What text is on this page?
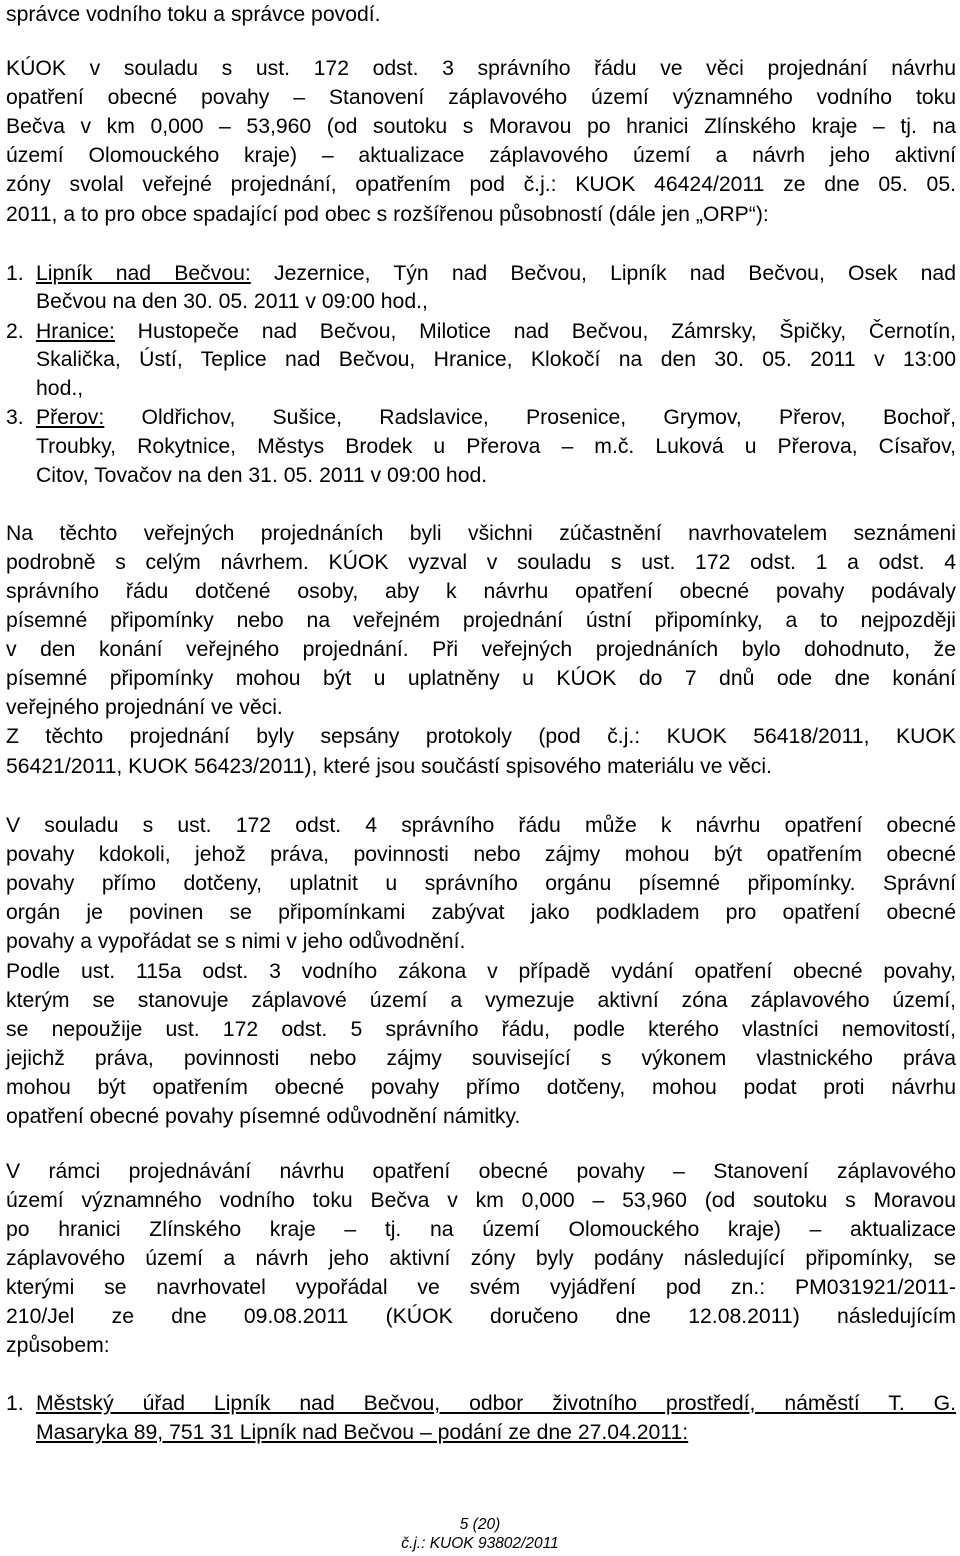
správce vodního toku a správce povodí.
KÚOK v souladu s ust. 172 odst. 3 správního řádu ve věci projednání návrhu
opatření obecné povahy – Stanovení záplavového území významného vodního toku
Bečva v km 0,000 – 53,960 (od soutoku s Moravou po hranici Zlínského kraje – tj. na
území Olomouckého kraje) – aktualizace záplavového území a návrh jeho aktivní
zóny svolal veřejné projednání, opatřením pod č.j.: KUOK 46424/2011 ze dne 05. 05.
2011, a to pro obce spadající pod obec s rozšířenou působností (dále jen „ORP“):
1. Lipník nad Bečvou: Jezernice, Týn nad Bečvou, Lipník nad Bečvou, Osek nad
Bečvou na den 30. 05. 2011 v 09:00 hod.,
2. Hranice: Hustopeče nad Bečvou, Milotice nad Bečvou, Zámrsky, Špičky, Černotín,
Skalička, Ústí, Teplice nad Bečvou, Hranice, Klokočí na den 30. 05. 2011 v 13:00
hod.,
3. Přerov: Oldřichov, Sušice, Radslavice, Prosenice, Grymov, Přerov, Bochoř,
Troubky, Rokytnice, Městys Brodek u Přerova – m.č. Luková u Přerova, Císařov,
Citov, Tovačov na den 31. 05. 2011 v 09:00 hod.
Na těchto veřejných projednáních byli všichni zúčastnění navrhovatelem seznámeni
podrobně s celým návrhem. KÚOK vyzval v souladu s ust. 172 odst. 1 a odst. 4
správního řádu dotčené osoby, aby k návrhu opatření obecné povahy podávaly
písemné připomínky nebo na veřejném projednání ústní připomínky, a to nejpozději
v den konání veřejného projednání. Při veřejných projednáních bylo dohodnuto, že
písemné připomínky mohou být u uplatněny u KÚOK do 7 dnů ode dne konání
veřejného projednání ve věci.
Z těchto projednání byly sepsány protokoly (pod č.j.: KUOK 56418/2011, KUOK
56421/2011, KUOK 56423/2011), které jsou součástí spisového materiálu ve věci.
V souladu s ust. 172 odst. 4 správního řádu může k návrhu opatření obecné
povahy kdokoli, jehož práva, povinnosti nebo zájmy mohou být opatřením obecné
povahy přímo dotčeny, uplatnit u správního orgánu písemné připomínky. Správní
orgán je povinen se připomínkami zabývat jako podkladem pro opatření obecné
povahy a vypořádat se s nimi v jeho odůvodnění.
Podle ust. 115a odst. 3 vodního zákona v případě vydání opatření obecné povahy,
kterým se stanovuje záplavové území a vymezuje aktivní zóna záplavového území,
se nepoužije ust. 172 odst. 5 správního řádu, podle kterého vlastníci nemovitostí,
jejichž práva, povinnosti nebo zájmy související s výkonem vlastnického práva
mohou být opatřením obecné povahy přímo dotčeny, mohou podat proti návrhu
opatření obecné povahy písemné odůvodnění námitky.
V rámci projednávání návrhu opatření obecné povahy – Stanovení záplavového
území významného vodního toku Bečva v km 0,000 – 53,960 (od soutoku s Moravou
po hranici Zlínského kraje – tj. na území Olomouckého kraje) – aktualizace
záplavového území a návrh jeho aktivní zóny byly podány následující připomínky, se
kterými se navrhovatel vypořádal ve svém vyjádření pod zn.: PM031921/2011-
210/Jel ze dne 09.08.2011 (KÚOK doručeno dne 12.08.2011) následujícím
způsobem:
1. Městský úřad Lipník nad Bečvou, odbor životního prostředí, náměstí T. G.
Masaryka 89, 751 31 Lipník nad Bečvou – podání ze dne 27.04.2011:
5 (20)
č.j.: KUOK 93802/2011
